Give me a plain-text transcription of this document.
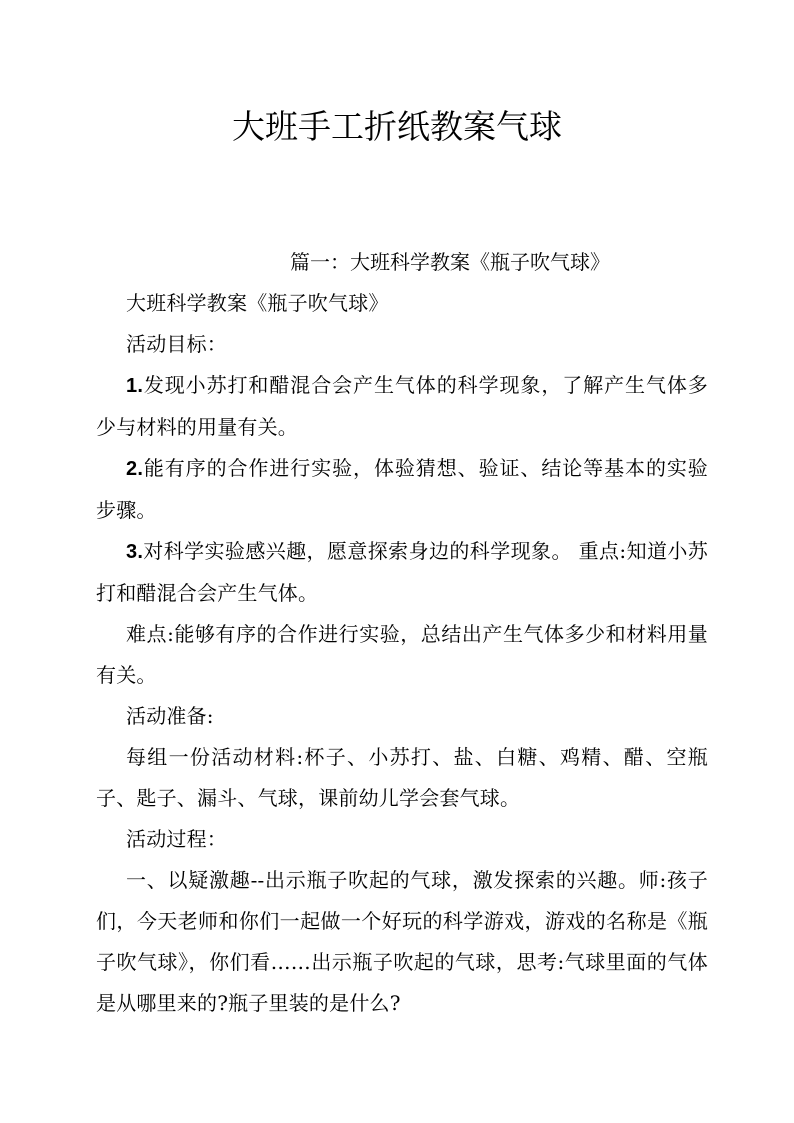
大班手工折纸教案气球
篇一：大班科学教案《瓶子吹气球》

大班科学教案《瓶子吹气球》

活动目标：

1.发现小苏打和醋混合会产生气体的科学现象，了解产生气体多少与材料的用量有关。

2.能有序的合作进行实验，体验猜想、验证、结论等基本的实验步骤。

3.对科学实验感兴趣，愿意探索身边的科学现象。 重点:知道小苏打和醋混合会产生气体。

难点:能够有序的合作进行实验，总结出产生气体多少和材料用量有关。

活动准备:

每组一份活动材料:杯子、小苏打、盐、白糖、鸡精、醋、空瓶子、匙子、漏斗、气球，课前幼儿学会套气球。

活动过程：

一、以疑激趣--出示瓶子吹起的气球，激发探索的兴趣。师:孩子们，今天老师和你们一起做一个好玩的科学游戏，游戏的名称是《瓶子吹气球》，你们看……出示瓶子吹起的气球，思考:气球里面的气体是从哪里来的?瓶子里装的是什么?
